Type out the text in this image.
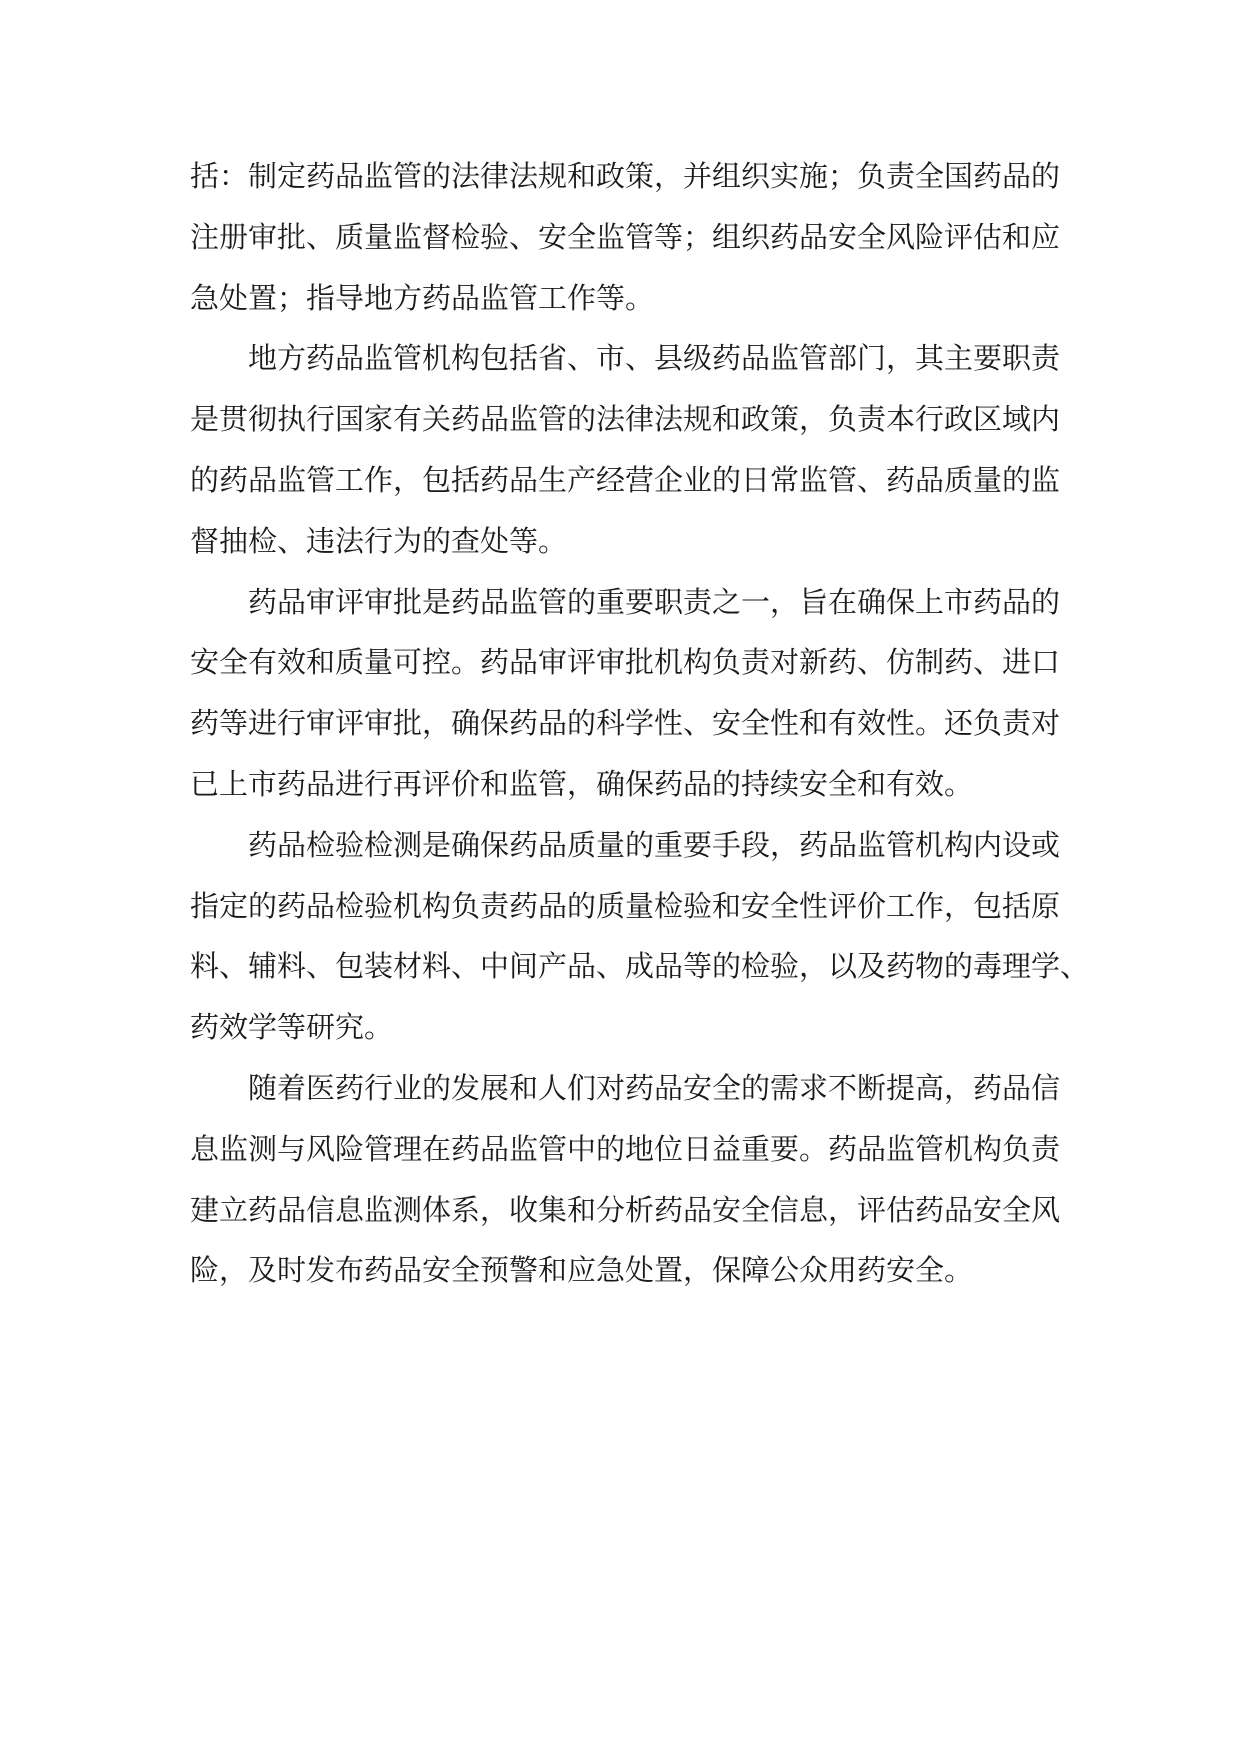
括：制定药品监管的法律法规和政策，并组织实施；负责全国药品的
注册审批、质量监督检验、安全监管等；组织药品安全风险评估和应
急处置；指导地方药品监管工作等。
地方药品监管机构包括省、市、县级药品监管部门，其主要职责
是贯彻执行国家有关药品监管的法律法规和政策，负责本行政区域内
的药品监管工作，包括药品生产经营企业的日常监管、药品质量的监
督抽检、违法行为的查处等。
药品审评审批是药品监管的重要职责之一，旨在确保上市药品的
安全有效和质量可控。药品审评审批机构负责对新药、仿制药、进口
药等进行审评审批，确保药品的科学性、安全性和有效性。还负责对
已上市药品进行再评价和监管，确保药品的持续安全和有效。
药品检验检测是确保药品质量的重要手段，药品监管机构内设或
指定的药品检验机构负责药品的质量检验和安全性评价工作，包括原
料、辅料、包装材料、中间产品、成品等的检验，以及药物的毒理学、
药效学等研究。
随着医药行业的发展和人们对药品安全的需求不断提高，药品信
息监测与风险管理在药品监管中的地位日益重要。药品监管机构负责
建立药品信息监测体系，收集和分析药品安全信息，评估药品安全风
险，及时发布药品安全预警和应急处置，保障公众用药安全。
